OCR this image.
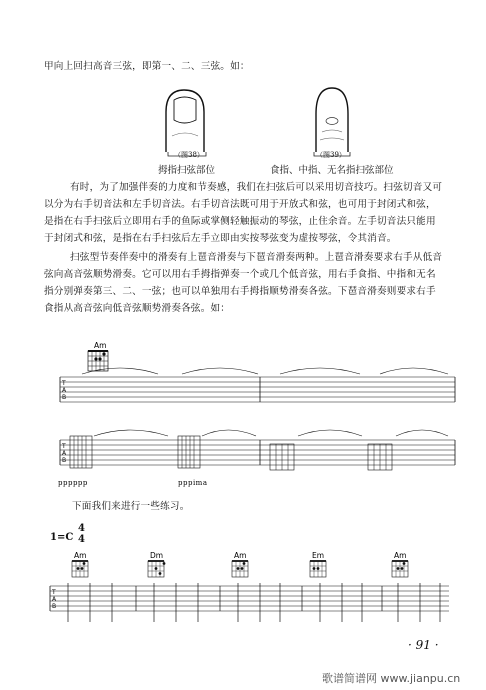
甲向上回扫高音三弦，即第一、二、三弦。如：
（图38）	（图39）
拇指扫弦部位	食指、中指、无名指扫弦部位

有时，为了加强伴奏的力度和节奏感，我们在扫弦后可以采用切音技巧。扫弦切音又可

以分为右手切音法和左手切音法。右手切音法既可用于开放式和弦，也可用于封闭式和弦，

是指在右手扫弦后立即用右手的鱼际或掌侧轻触振动的琴弦，止住余音。左手切音法只能用

于封闭式和弦，是指在右手扫弦后左手立即由实按琴弦变为虚按琴弦，令其消音。

扫弦型节奏伴奏中的滑奏有上琶音滑奏与下琶音滑奏两种。上琶音滑奏要求右手从低音

弦向高音弦顺势滑奏。它可以用右手拇指弹奏一个或几个低音弦，用右手食指、中指和无名

指分别弹奏第三、二、一弦；也可以单独用右手拇指顺势滑奏各弦。下琶音滑奏则要求右手

食指从高音弦向低音弦顺势滑奏各弦。如：

Am
T
A
B
T
A
B
pppppp	pppima
下面我们来进行一些练习。
1=C
4
4
Am	Dm	Am	Em	Am
T
A
B
· 91 ·
歌谱简谱网 www.jianpu.cn
